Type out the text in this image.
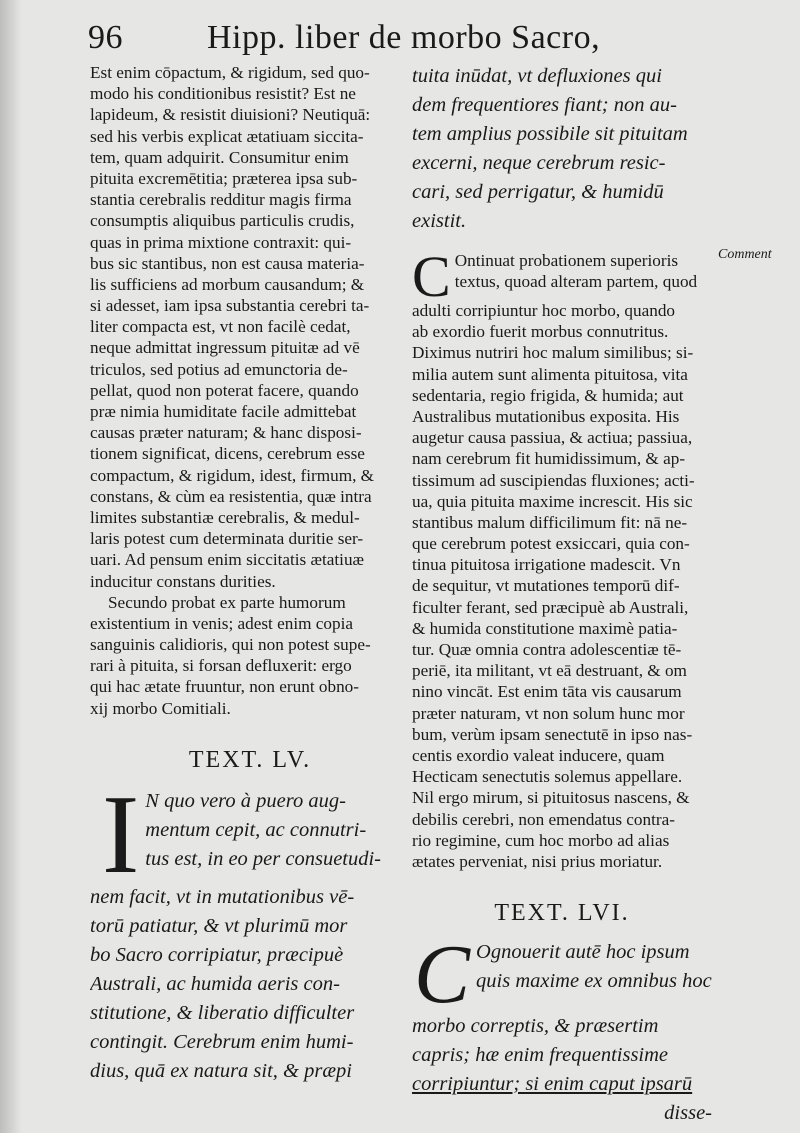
96 Hipp. liber de morbo Sacro,
Comment
Est enim cōpactum, & rigidum, sed quo-
modo his conditionibus resistit? Est ne
lapideum, & resistit diuisioni? Neutiquā:
sed his verbis explicat ætatiuam siccita-
tem, quam adquirit. Consumitur enim
pituita excremētitia; præterea ipsa sub-
stantia cerebralis redditur magis firma
consumptis aliquibus particulis crudis,
quas in prima mixtione contraxit: qui-
bus sic stantibus, non est causa materia-
lis sufficiens ad morbum causandum; &
si adesset, iam ipsa substantia cerebri ta-
liter compacta est, vt non facilè cedat,
neque admittat ingressum pituitæ ad vē
triculos, sed potius ad emunctoria de-
pellat, quod non poterat facere, quando
præ nimia humiditate facile admittebat
causas præter naturam; & hanc disposi-
tionem significat, dicens, cerebrum esse
compactum, & rigidum, idest, firmum, &
constans, & cùm ea resistentia, quæ intra
limites substantiæ cerebralis, & medul-
laris potest cum determinata duritie ser-
uari. Ad pensum enim siccitatis ætatiuæ
inducitur constans durities.
Secundo probat ex parte humorum
existentium in venis; adest enim copia
sanguinis calidioris, qui non potest supe-
rari à pituita, si forsan defluxerit: ergo
qui hac ætate fruuntur, non erunt obno-
xij morbo Comitiali.
TEXT. LV.
I N quo vero à puero aug-
mentum cepit, ac connutri-
tus est, in eo per consuetudi-
nem facit, vt in mutationibus vē-
torū patiatur, & vt plurimū mor
bo Sacro corripiatur, præcipuè
Australi, ac humida aeris con-
stitutione, & liberatio difficulter
contingit. Cerebrum enim humi-
dius, quā ex natura sit, & præpi
tuita inūdat, vt defluxiones qui
dem frequentiores fiant; non au-
tem amplius possibile sit pituitam
excerni, neque cerebrum resic-
cari, sed perrigatur, & humidū
existit.
C Ontinuat probationem superioris
textus, quoad alteram partem, quod
adulti corripiuntur hoc morbo, quando
ab exordio fuerit morbus connutritus.
Diximus nutriri hoc malum similibus; si-
milia autem sunt alimenta pituitosa, vita
sedentaria, regio frigida, & humida; aut
Australibus mutationibus exposita. His
augetur causa passiua, & actiua; passiua,
nam cerebrum fit humidissimum, & ap-
tissimum ad suscipiendas fluxiones; acti-
ua, quia pituita maxime increscit. His sic
stantibus malum difficilimum fit: nā ne-
que cerebrum potest exsiccari, quia con-
tinua pituitosa irrigatione madescit. Vn
de sequitur, vt mutationes temporū dif-
ficulter ferant, sed præcipuè ab Australi,
& humida constitutione maximè patia-
tur. Quæ omnia contra adolescentiæ tē-
periē, ita militant, vt eā destruant, & om
nino vincāt. Est enim tāta vis causarum
præter naturam, vt non solum hunc mor
bum, verùm ipsam senectutē in ipso nas-
centis exordio valeat inducere, quam
Hecticam senectutis solemus appellare.
Nil ergo mirum, si pituitosus nascens, &
debilis cerebri, non emendatus contra-
rio regimine, cum hoc morbo ad alias
ætates perveniat, nisi prius moriatur.
TEXT. LVI.
C Ognouerit autē hoc ipsum
quis maxime ex omnibus hoc
morbo correptis, & præsertim
capris; hæ enim frequentissime
corripiuntur; si enim caput ipsarū
disse-
